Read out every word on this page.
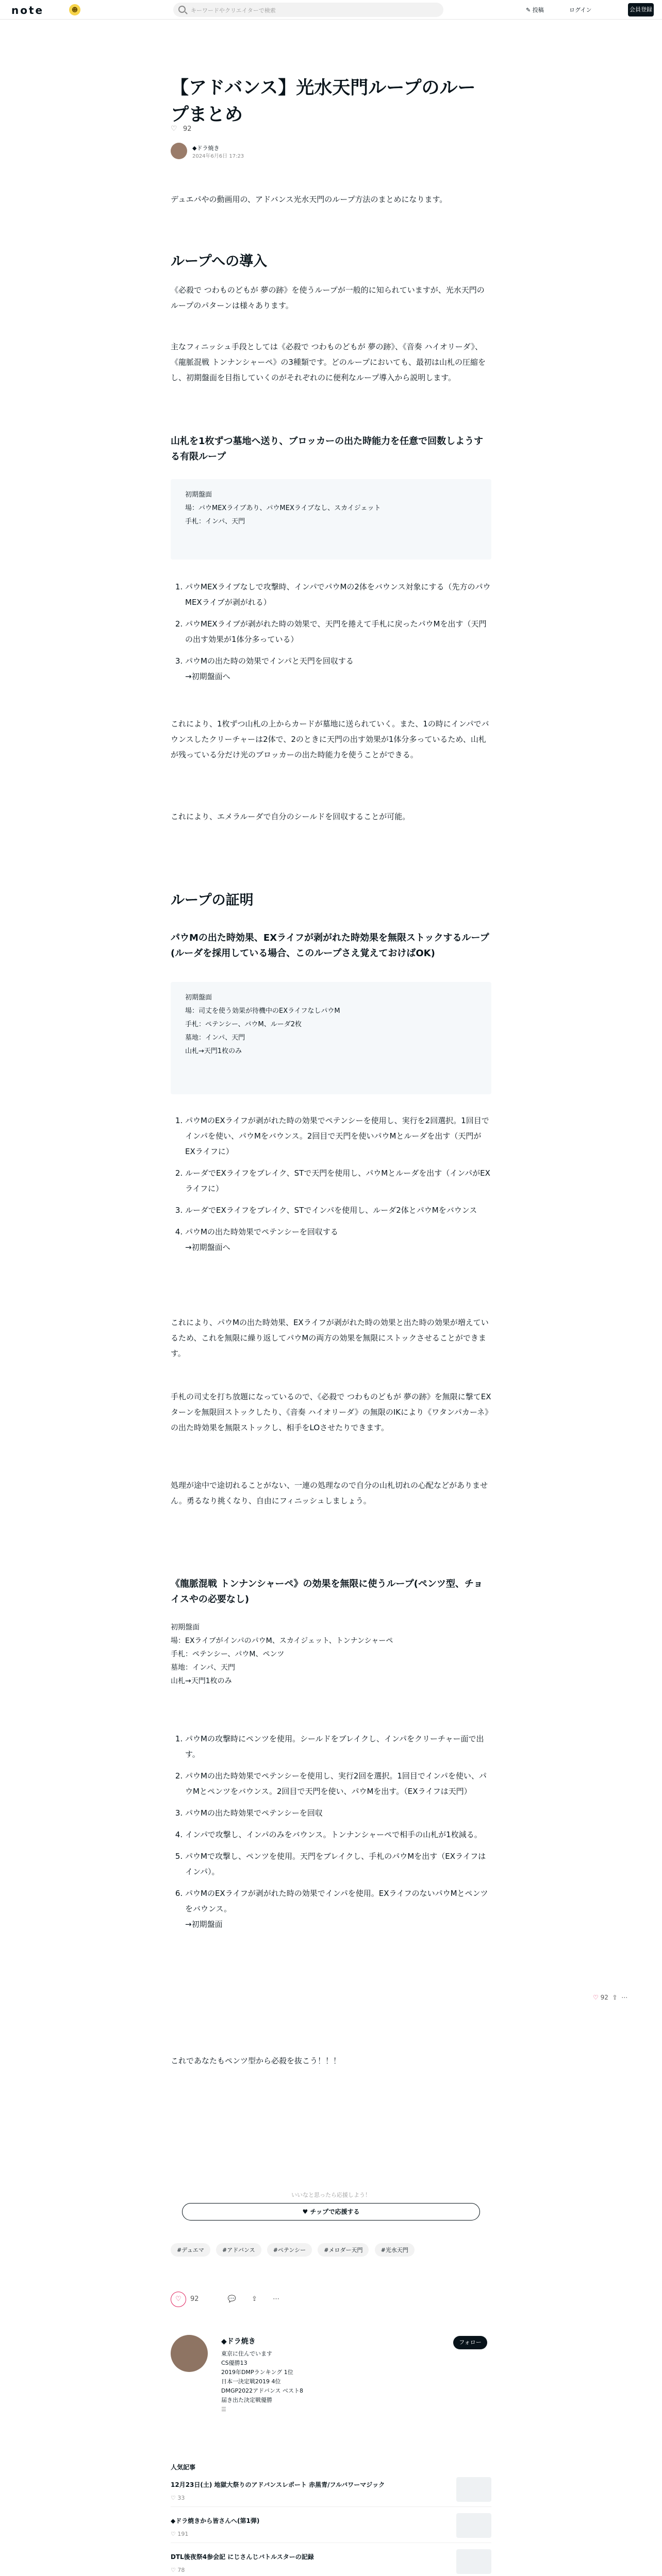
note	☻	キーワードやクリエイターで検索	✎ 投稿	ログイン	会員登録
【アドバンス】光水天門ループのループまとめ
♡ 92
◆ドラ焼き
2024年6月6日 17:23

デュエパやの動画用の、アドバンス光水天門のループ方法のまとめになります。

ループへの導入

《必殺で つわものどもが 夢の跡》を使うループが一般的に知られていますが、光水天門のループのパターンは様々あります。

主なフィニッシュ手段としては《必殺で つわものどもが 夢の跡》、《音奏 ハイオリーダ》、《龍脈混戦 トンナンシャーペ》の3種類です。どのループにおいても、最初は山札の圧縮をし、初期盤面を目指していくのがそれぞれのに便利なループ導入から説明します。

山札を1枚ずつ墓地へ送り、ブロッカーの出た時能力を任意で回数しようする有限ループ
初期盤面
場：パウMEXライブあり、パウMEXライブなし、スカイジェット
手札：インパ、天門
1. パウMEXライブなしで攻撃時、インパでパウMの2体をバウンス対象にする（先方のパウMEXライブが剥がれる）
2. パウMEXライブが剥がれた時の効果で、天門を捲えて手札に戻ったパウMを出す（天門の出す効果が1体分多っている）
3. パウMの出た時の効果でインパと天門を回収する
→初期盤面へ

これにより、1枚ずつ山札の上からカードが墓地に送られていく。また、1の時にインパでバウンスしたクリーチャーは2体で、2のときに天門の出す効果が1体分多っているため、山札が残っている分だけ光のブロッカーの出た時能力を使うことができる。

これにより、エメラルーダで自分のシールドを回収することが可能。

ループの証明
パウMの出た時効果、EXライフが剥がれた時効果を無限ストックするループ(ルーダを採用している場合、このループさえ覚えておけばOK)
初期盤面
場：司丈を使う効果が待機中のEXライフなしパウM
手札：ペテンシー、パウM、ルーダ2枚
墓地：インパ、天門
山札→天門1枚のみ
1. パウMのEXライフが剥がれた時の効果でペテンシーを使用し、実行を2回選択。1回目でインパを使い、パウMをバウンス。2回目で天門を使いパウMとルーダを出す（天門がEXライフに）
2. ルーダでEXライフをブレイク、STで天門を使用し、パウMとルーダを出す（インパがEXライフに）
3. ルーダでEXライフをブレイク、STでインパを使用し、ルーダ2体とパウMをバウンス
4. パウMの出た時効果でペテンシーを回収する
→初期盤面へ

これにより、パウMの出た時効果、EXライフが剥がれた時の効果と出た時の効果が増えているため、これを無限に繰り返してパウMの両方の効果を無限にストックさせることができます。

手札の司丈を打ち放題になっているので、《必殺で つわものどもが 夢の跡》を無限に撃てEXターンを無限回ストックしたり、《音奏 ハイオリーダ》の無限のIKにより《ワタンパカーネ》の出た時効果を無限ストックし、相手をLOさせたりできます。

処理が途中で途切れることがない、一連の処理なので自分の山札切れの心配などがありません。勇るなり挑くなり、自由にフィニッシュしましょう。

《龍脈混戦 トンナンシャーペ》の効果を無限に使うループ(ペンツ型、チョイスやの必要なし)
初期盤面
場：EXライブがインパのパウM、スカイジェット、トンナンシャーペ
手札：ペテンシー、パウM、ペンツ
墓地：インパ、天門
山札→天門1枚のみ
1. パウMの攻撃時にペンツを使用。シールドをブレイクし、インパをクリーチャー面で出す。
2. パウMの出た時効果でペテンシーを使用し、実行2回を選択。1回目でインパを使い、パウMとペンツをバウンス。2回目で天門を使い、パウMを出す。（EXライフは天門）
3. パウMの出た時効果でペテンシーを回収
4. インパで攻撃し、インパのみをバウンス。トンナンシャーペで相手の山札が1枚減る。
5. パウMで攻撃し、ペンツを使用。天門をブレイクし、手札のパウMを出す（EXライフはインパ）。
6. パウMのEXライフが剥がれた時の効果でインパを使用。EXライフのないパウMとペンツをバウンス。
→初期盤面
♡ 92  ⇪  ⋯

これであなたもペンツ型から必殺を抜こう！！！

いいなと思ったら応援しよう！
♥ チップで応援する
#デュエマ	#アドバンス	#ペテンシー	#メロダー天門	#光水天門
♡ 92	💬 ⇪ ⋯
◆ドラ焼き
東京に住んでいます
CS優勝13
2019年DMPランキング 1位
日本一決定戦2019 4位
DMGP2022アドバンス ベスト8
届き出た決定戦優勝
☰
フォロー
人気記事
12月23日(土) 地獄大祭りのアドバンスレポート 赤黒青/フルバワーマジック
♡ 33
◆ドラ焼きから皆さんへ(第1弾)
♡ 191
DTL後夜祭4参会記 にじさんじバトルスターの記録
♡ 78
